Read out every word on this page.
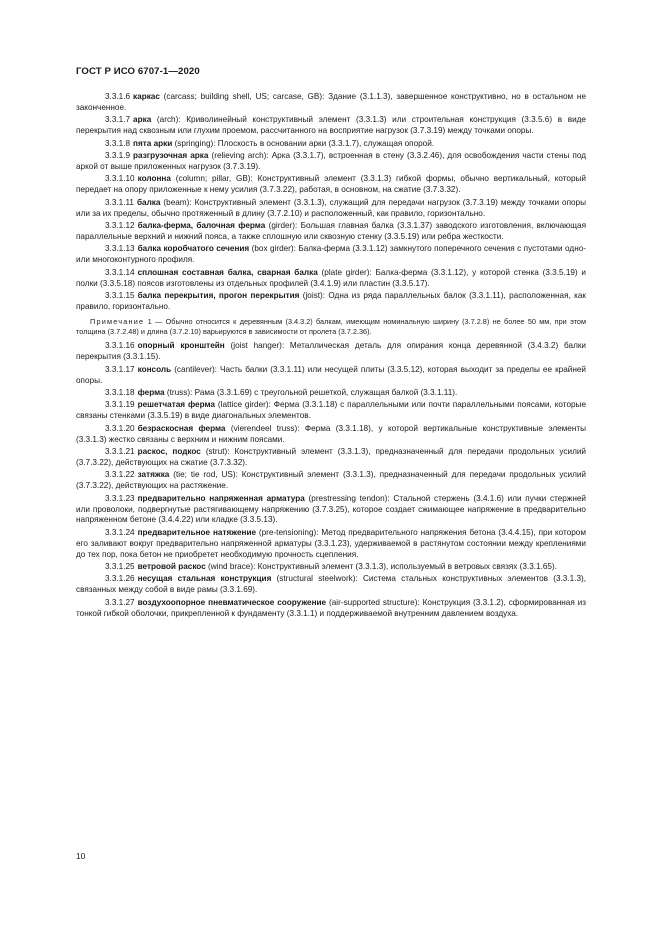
ГОСТ Р ИСО 6707-1—2020

3.3.1.6 каркас (carcass; building shell, US; carcase, GB): Здание (3.1.1.3), завершенное конструктивно, но в остальном не законченное.

3.3.1.7 арка (arch): Криволинейный конструктивный элемент (3.3.1.3) или строительная конструкция (3.3.5.6) в виде перекрытия над сквозным или глухим проемом, рассчитанного на восприятие нагрузок (3.7.3.19) между точками опоры.

3.3.1.8 пята арки (springing): Плоскость в основании арки (3.3.1.7), служащая опорой.

3.3.1.9 разгрузочная арка (relieving arch): Арка (3.3.1.7), встроенная в стену (3.3.2.46), для освобождения части стены под аркой от выше приложенных нагрузок (3.7.3.19).

3.3.1.10 колонна (column; pillar, GB): Конструктивный элемент (3.3.1.3) гибкой формы, обычно вертикальный, который передает на опору приложенные к нему усилия (3.7.3.22), работая, в основном, на сжатие (3.7.3.32).

3.3.1.11 балка (beam): Конструктивный элемент (3.3.1.3), служащий для передачи нагрузок (3.7.3.19) между точками опоры или за их пределы, обычно протяженный в длину (3.7.2.10) и расположенный, как правило, горизонтально.

3.3.1.12 балка-ферма, балочная ферма (girder): Большая главная балка (3.3.1.37) заводского изготовления, включающая параллельные верхний и нижний пояса, а также сплошную или сквозную стенку (3.3.5.19) или ребра жесткости.

3.3.1.13 балка коробчатого сечения (box girder): Балка-ферма (3.3.1.12) замкнутого поперечного сечения с пустотами одно- или многоконтурного профиля.

3.3.1.14 сплошная составная балка, сварная балка (plate girder): Балка-ферма (3.3.1.12), у которой стенка (3.3.5.19) и полки (3.3.5.18) поясов изготовлены из отдельных профилей (3.4.1.9) или пластин (3.3.5.17).

3.3.1.15 балка перекрытия, прогон перекрытия (joist): Одна из ряда параллельных балок (3.3.1.11), расположенная, как правило, горизонтально.

Примечание 1 — Обычно относится к деревянным (3.4.3.2) балкам, имеющим номинальную ширину (3.7.2.8) не более 50 мм, при этом толщина (3.7.2.48) и длина (3.7.2.10) варьируются в зависимости от пролета (3.7.2.36).

3.3.1.16 опорный кронштейн (joist hanger): Металлическая деталь для опирания конца деревянной (3.4.3.2) балки перекрытия (3.3.1.15).

3.3.1.17 консоль (cantilever): Часть балки (3.3.1.11) или несущей плиты (3.3.5.12), которая выходит за пределы ее крайней опоры.

3.3.1.18 ферма (truss): Рама (3.3.1.69) с треугольной решеткой, служащая балкой (3.3.1.11).

3.3.1.19 решетчатая ферма (lattice girder): Ферма (3.3.1.18) с параллельными или почти параллельными поясами, которые связаны стенками (3.3.5.19) в виде диагональных элементов.

3.3.1.20 безраскосная ферма (vierendeel truss): Ферма (3.3.1.18), у которой вертикальные конструктивные элементы (3.3.1.3) жестко связаны с верхним и нижним поясами.

3.3.1.21 раскос, подкос (strut): Конструктивный элемент (3.3.1.3), предназначенный для передачи продольных усилий (3.7.3.22), действующих на сжатие (3.7.3.32).

3.3.1.22 затяжка (tie; tie rod, US): Конструктивный элемент (3.3.1.3), предназначенный для передачи продольных усилий (3.7.3.22), действующих на растяжение.

3.3.1.23 предварительно напряженная арматура (prestressing tendon): Стальной стержень (3.4.1.6) или пучки стержней или проволоки, подвергнутые растягивающему напряжению (3.7.3.25), которое создает сжимающее напряжение в предварительно напряженном бетоне (3.4.4.22) или кладке (3.3.5.13).

3.3.1.24 предварительное натяжение (pre-tensioning): Метод предварительного напряжения бетона (3.4.4.15), при котором его заливают вокруг предварительно напряженной арматуры (3.3.1.23), удерживаемой в растянутом состоянии между креплениями до тех пор, пока бетон не приобретет необходимую прочность сцепления.

3.3.1.25 ветровой раскос (wind brace): Конструктивный элемент (3.3.1.3), используемый в ветровых связях (3.3.1.65).

3.3.1.26 несущая стальная конструкция (structural steelwork): Система стальных конструктивных элементов (3.3.1.3), связанных между собой в виде рамы (3.3.1.69).

3.3.1.27 воздухоопорное пневматическое сооружение (air-supported structure): Конструкция (3.3.1.2), сформированная из тонкой гибкой оболочки, прикрепленной к фундаменту (3.3.1.1) и поддерживаемой внутренним давлением воздуха.

10
